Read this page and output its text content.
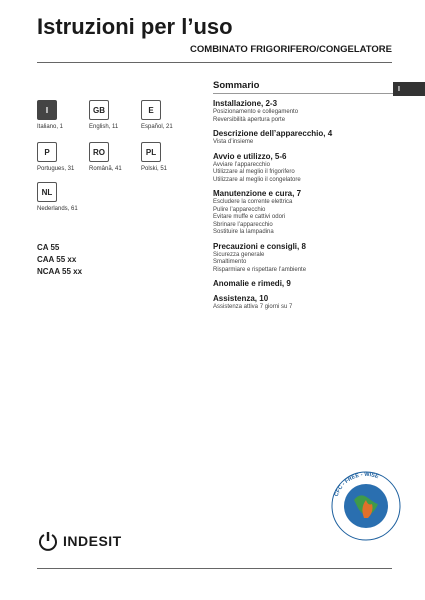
Istruzioni per l’uso
COMBINATO FRIGORIFERO/CONGELATORE
I
Italiano, 1
GB
English, 11
E
Español, 21
P
Portugues, 31
RO
Română, 41
PL
Polski, 51
NL
Nederlands, 61
CA 55
CAA 55 xx
NCAA 55 xx
I
Sommario
Installazione, 2-3
Posizionamento e collegamento
Reversibilità apertura porte
Descrizione dell’apparecchio, 4
Vista d’insieme
Avvio e utilizzo, 5-6
Avviare l’apparecchio
Utilizzare al meglio il frigorifero
Utilizzare al meglio il congelatore
Manutenzione e cura, 7
Escludere la corrente elettrica
Pulire l’apparecchio
Evitare muffe e cattivi odori
Sbrinare l’apparecchio
Sostituire la lampadina
Precauzioni e consigli, 8
Sicurezza generale
Smaltimento
Risparmiare e rispettare l’ambiente
Anomalie e rimedi, 9
Assistenza, 10
Assistenza attiva 7 giorni su 7
INDESIT
CFC - FREE - WISE
